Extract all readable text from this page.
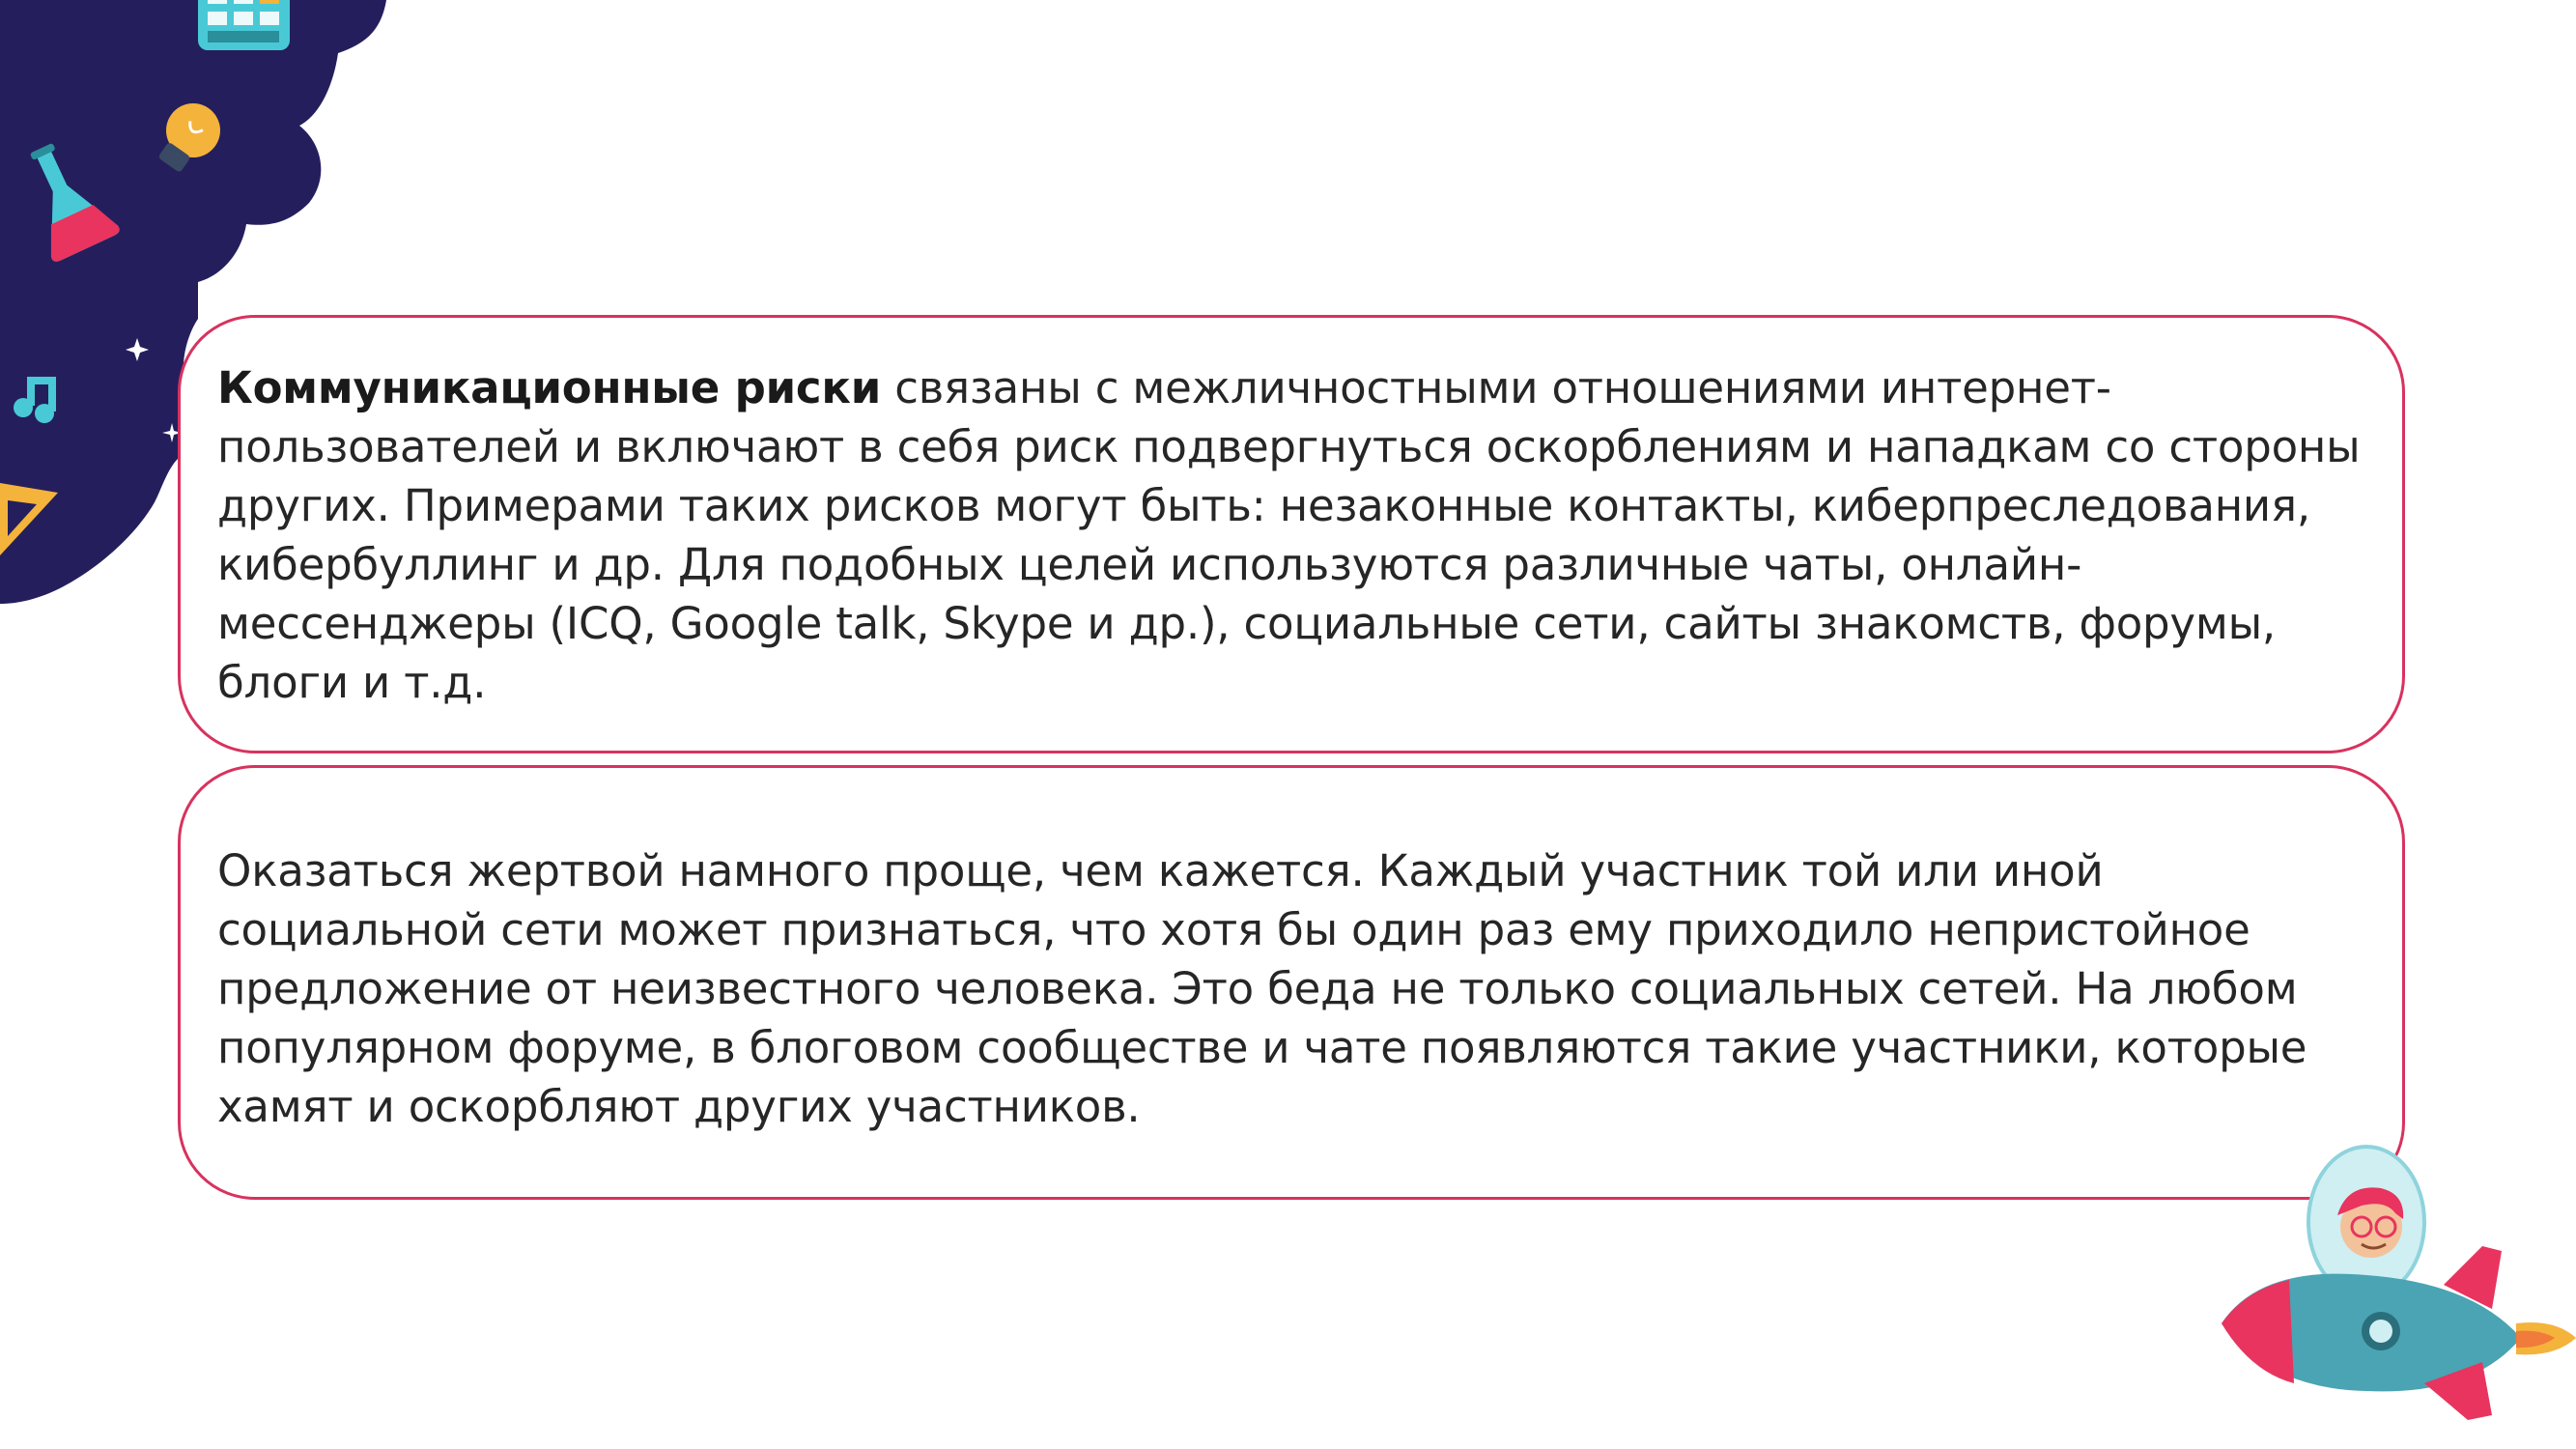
Коммуникационные риски связаны с межличностными отношениями интернет-пользователей и включают в себя риск подвергнуться оскорблениям и нападкам со стороны других. Примерами таких рисков могут быть: незаконные контакты, киберпреследования, кибербуллинг и др. Для подобных целей используются различные чаты, онлайн-мессенджеры (ICQ, Google talk, Skype и др.), социальные сети, сайты знакомств, форумы, блоги и т.д.

Оказаться жертвой намного проще, чем кажется. Каждый участник той или иной социальной сети может признаться, что хотя бы один раз ему приходило непристойное предложение от неизвестного человека. Это беда не только социальных сетей. На любом популярном форуме, в блоговом сообществе и чате появляются такие участники, которые хамят и оскорбляют других участников.
